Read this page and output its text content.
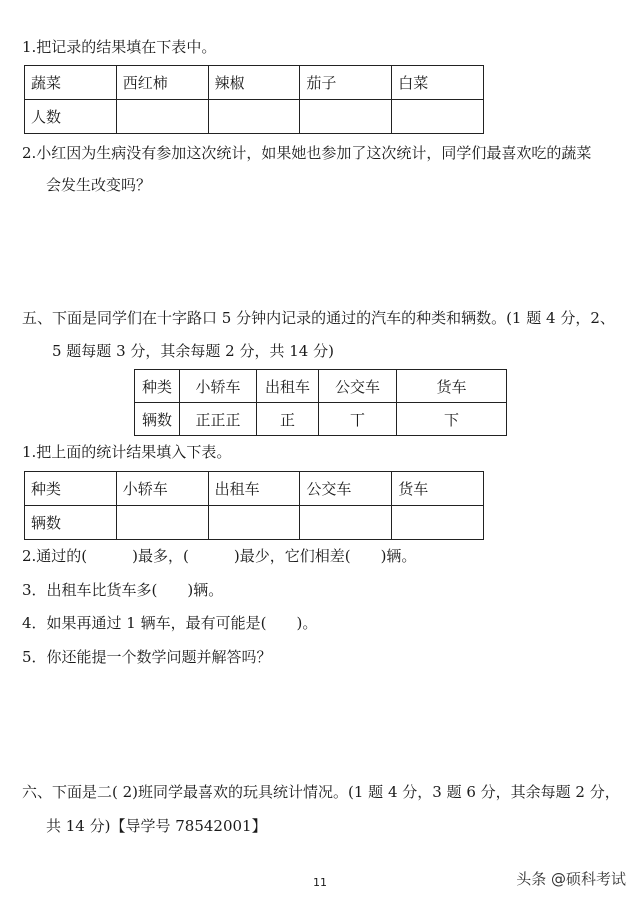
1.把记录的结果填在下表中。
蔬菜	西红柿	辣椒	茄子	白菜
人数				
2.小红因为生病没有参加这次统计，如果她也参加了这次统计，同学们最喜欢吃的蔬菜
会发生改变吗？
五、下面是同学们在十字路口 5 分钟内记录的通过的汽车的种类和辆数。(1 题 4 分，2、
5 题每题 3 分，其余每题 2 分，共 14 分)
种类	小轿车	出租车	公交车	货车
辆数	正正正	正	丅	下
1.把上面的统计结果填入下表。
种类	小轿车	出租车	公交车	货车
辆数				
2.通过的(　　　)最多，(　　　)最少，它们相差(　　)辆。
3．出租车比货车多(　　)辆。
4．如果再通过 1 辆车，最有可能是(　　)。
5．你还能提一个数学问题并解答吗？
六、下面是二( 2)班同学最喜欢的玩具统计情况。(1 题 4 分，3 题 6 分，其余每题 2 分，
共 14 分)【导学号 78542001】
11	头条 @硕科考试
